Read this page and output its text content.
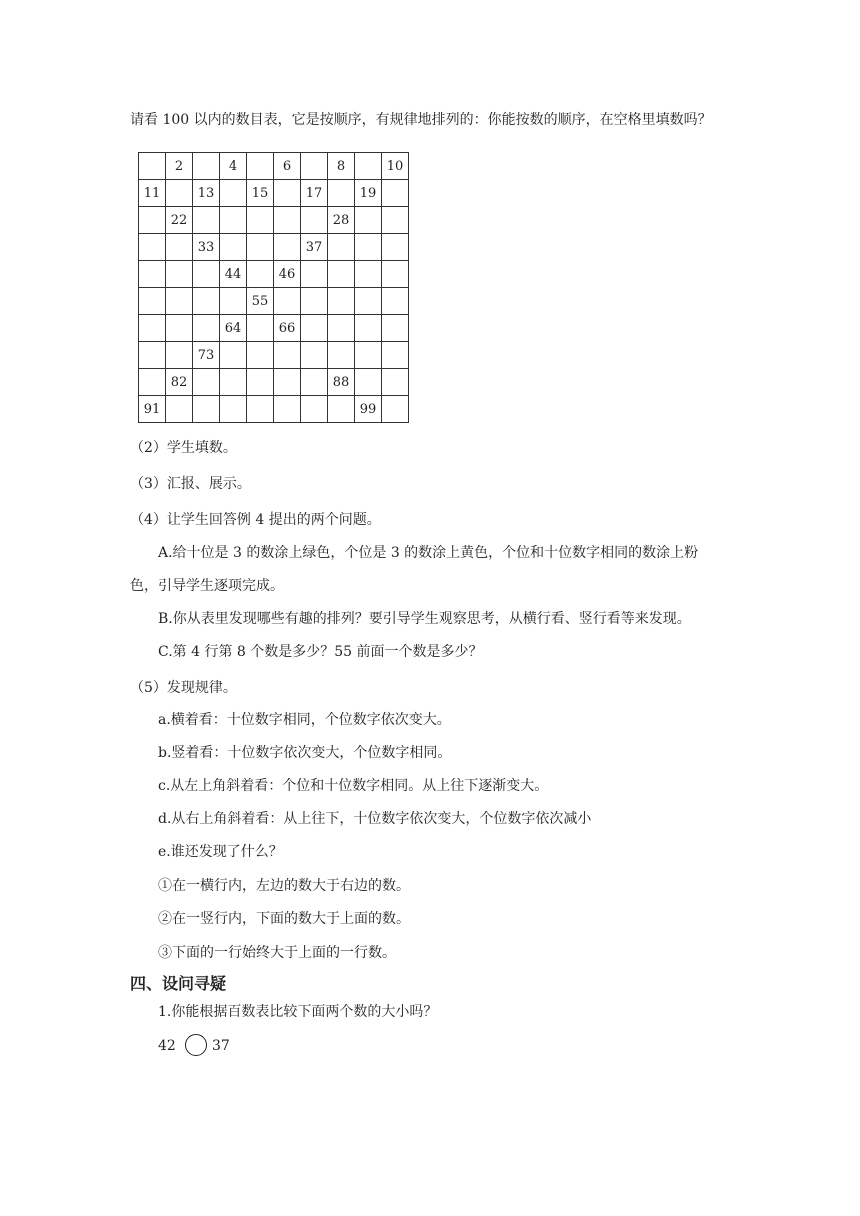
请看 100 以内的数目表，它是按顺序，有规律地排列的：你能按数的顺序，在空格里填数吗？
	2		4		6		8		10
11		13		15		17		19	
	22						28		
		33				37			
			44		46				
				55					
			64		66				
		73							
	82						88		
91								99	
（2）学生填数。
（3）汇报、展示。
（4）让学生回答例 4 提出的两个问题。
A.给十位是 3 的数涂上绿色，个位是 3 的数涂上黄色，个位和十位数字相同的数涂上粉
色，引导学生逐项完成。
B.你从表里发现哪些有趣的排列？要引导学生观察思考，从横行看、竖行看等来发现。
C.第 4 行第 8 个数是多少？55 前面一个数是多少？
（5）发现规律。
a.横着看：十位数字相同，个位数字依次变大。
b.竖着看：十位数字依次变大，个位数字相同。
c.从左上角斜着看：个位和十位数字相同。从上往下逐渐变大。
d.从右上角斜着看：从上往下，十位数字依次变大，个位数字依次减小
e.谁还发现了什么？
①在一横行内，左边的数大于右边的数。
②在一竖行内，下面的数大于上面的数。
③下面的一行始终大于上面的一行数。
四、设问寻疑
1.你能根据百数表比较下面两个数的大小吗？
42	37
